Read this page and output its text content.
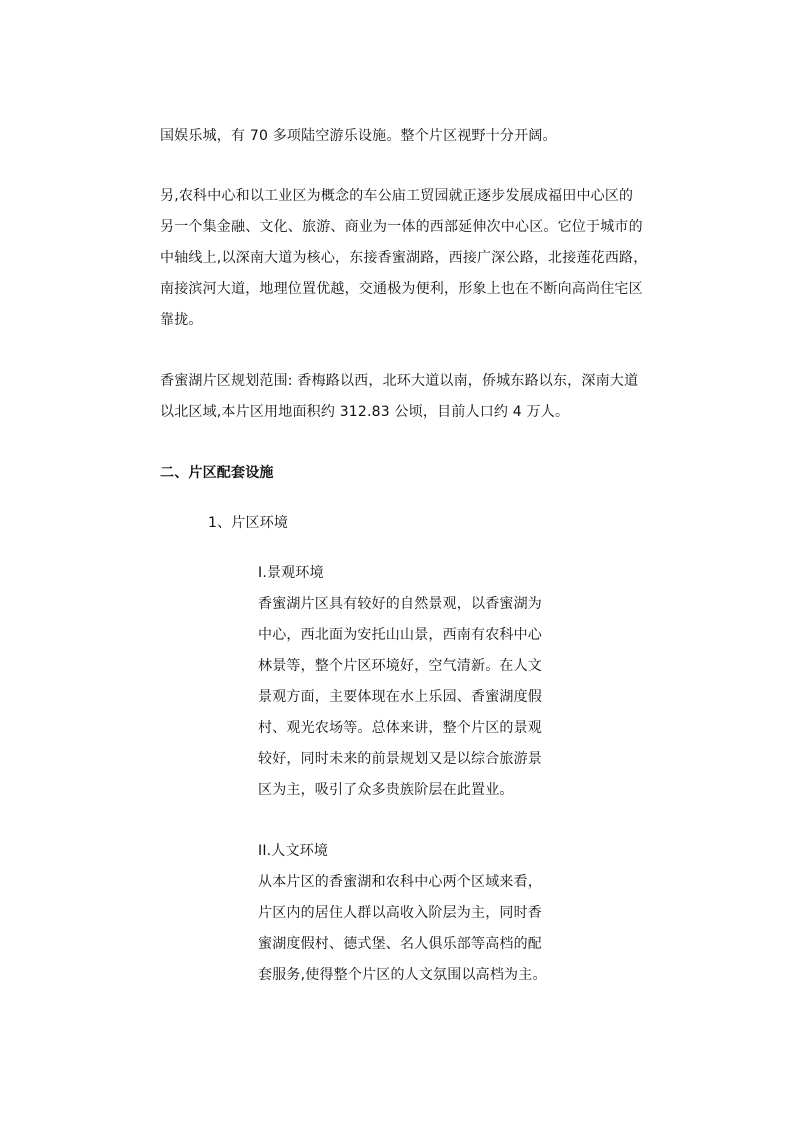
国娱乐城，有 70 多项陆空游乐设施。整个片区视野十分开阔。
另,农科中心和以工业区为概念的车公庙工贸园就正逐步发展成福田中心区的
另一个集金融、文化、旅游、商业为一体的西部延伸次中心区。它位于城市的
中轴线上,以深南大道为核心，东接香蜜湖路，西接广深公路，北接莲花西路，
南接滨河大道，地理位置优越，交通极为便利，形象上也在不断向高尚住宅区
靠拢。
香蜜湖片区规划范围: 香梅路以西，北环大道以南，侨城东路以东，深南大道
以北区域,本片区用地面积约 312.83 公顷，目前人口约 4 万人。
二、片区配套设施
1、片区环境
I.景观环境
香蜜湖片区具有较好的自然景观，以香蜜湖为
中心，西北面为安托山山景，西南有农科中心
林景等，整个片区环境好，空气清新。在人文
景观方面，主要体现在水上乐园、香蜜湖度假
村、观光农场等。总体来讲，整个片区的景观
较好，同时未来的前景规划又是以综合旅游景
区为主，吸引了众多贵族阶层在此置业。
II.人文环境
从本片区的香蜜湖和农科中心两个区域来看，
片区内的居住人群以高收入阶层为主，同时香
蜜湖度假村、德式堡、名人俱乐部等高档的配
套服务,使得整个片区的人文氛围以高档为主。
